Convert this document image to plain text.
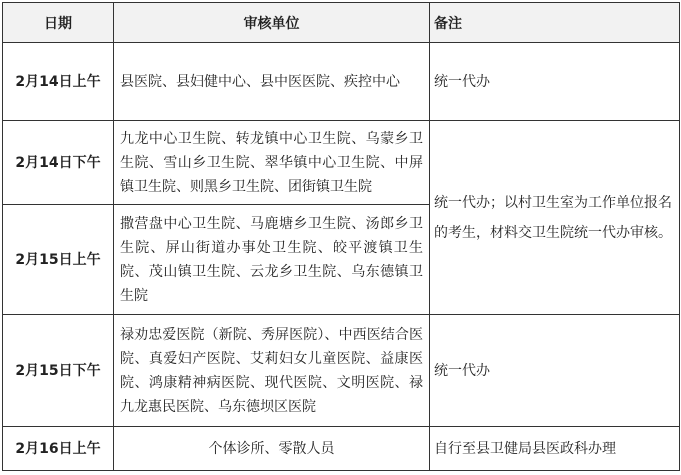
日期	审核单位	备注
2月14日上午	县医院、县妇健中心、县中医医院、疾控中心	统一代办
2月14日下午	九龙中心卫生院、转龙镇中心卫生院、乌蒙乡卫生院、雪山乡卫生院、翠华镇中心卫生院、中屏镇卫生院、则黑乡卫生院、团街镇卫生院	统一代办；以村卫生室为工作单位报名的考生，材料交卫生院统一代办审核。
2月15日上午	撒营盘中心卫生院、马鹿塘乡卫生院、汤郎乡卫生院、屏山街道办事处卫生院、皎平渡镇卫生院、茂山镇卫生院、云龙乡卫生院、乌东德镇卫生院	
2月15日下午	禄劝忠爱医院（新院、秀屏医院）、中西医结合医院、真爱妇产医院、艾莉妇女儿童医院、益康医院、鸿康精神病医院、现代医院、文明医院、禄九龙惠民医院、乌东德坝区医院	统一代办
2月16日上午	个体诊所、零散人员	自行至县卫健局县医政科办理
